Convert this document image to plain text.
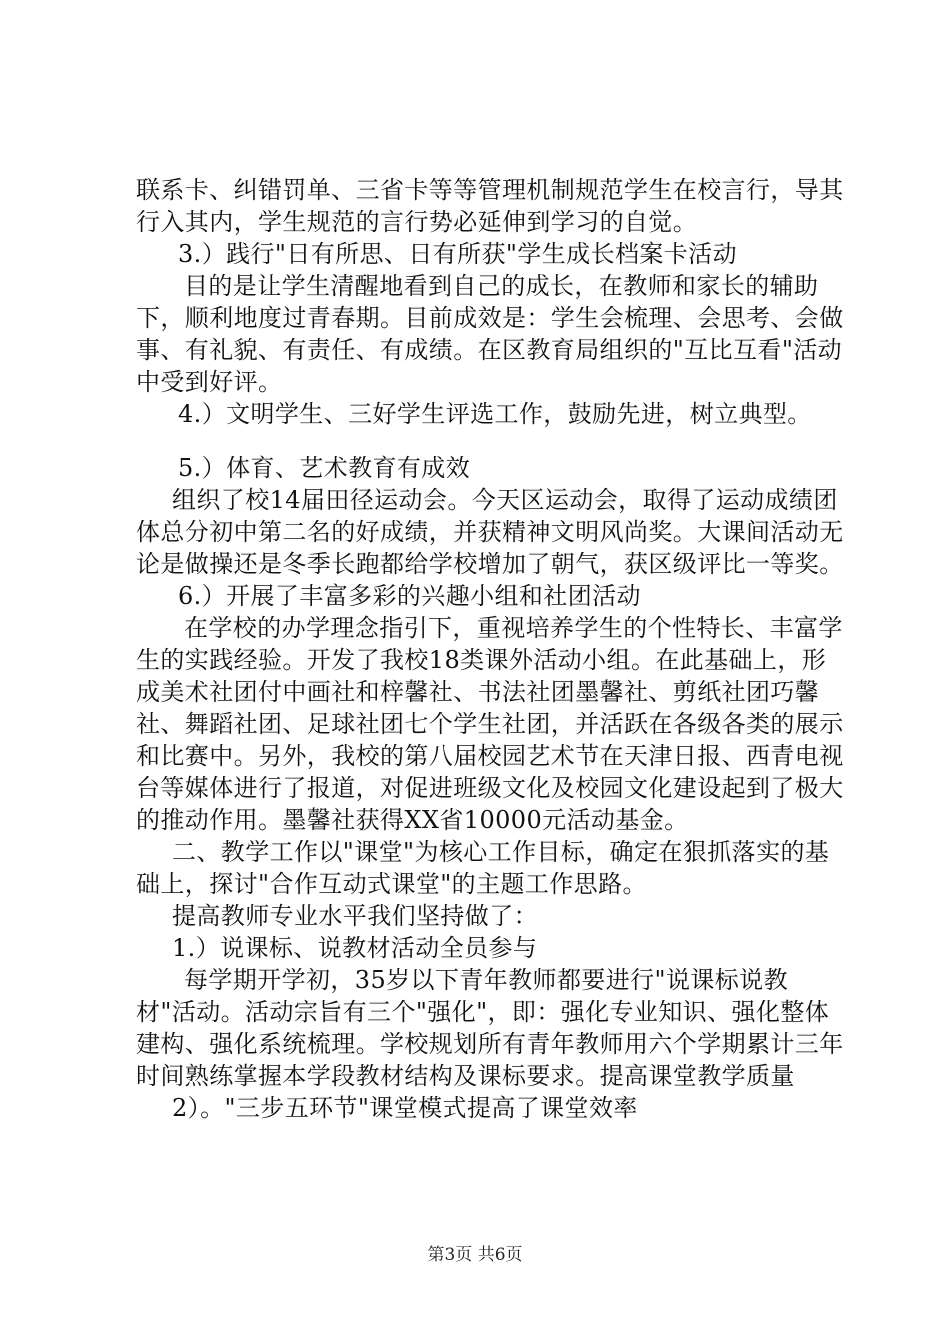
联系卡、纠错罚单、三省卡等等管理机制规范学生在校言行，导其行入其内，学生规范的言行势必延伸到学习的自觉。

3.）践行"日有所思、日有所获"学生成长档案卡活动

目的是让学生清醒地看到自己的成长，在教师和家长的辅助下，顺利地度过青春期。目前成效是：学生会梳理、会思考、会做事、有礼貌、有责任、有成绩。在区教育局组织的"互比互看"活动中受到好评。

4.）文明学生、三好学生评选工作，鼓励先进，树立典型。

5.）体育、艺术教育有成效

组织了校14届田径运动会。今天区运动会，取得了运动成绩团体总分初中第二名的好成绩，并获精神文明风尚奖。大课间活动无论是做操还是冬季长跑都给学校增加了朝气，获区级评比一等奖。

6.）开展了丰富多彩的兴趣小组和社团活动

在学校的办学理念指引下，重视培养学生的个性特长、丰富学生的实践经验。开发了我校18类课外活动小组。在此基础上，形成美术社团付中画社和梓馨社、书法社团墨馨社、剪纸社团巧馨社、舞蹈社团、足球社团七个学生社团，并活跃在各级各类的展示和比赛中。另外，我校的第八届校园艺术节在天津日报、西青电视台等媒体进行了报道，对促进班级文化及校园文化建设起到了极大的推动作用。墨馨社获得XX省10000元活动基金。

二、教学工作以"课堂"为核心工作目标，确定在狠抓落实的基础上，探讨"合作互动式课堂"的主题工作思路。

提高教师专业水平我们坚持做了：

1.）说课标、说教材活动全员参与

每学期开学初，35岁以下青年教师都要进行"说课标说教材"活动。活动宗旨有三个"强化"，即：强化专业知识、强化整体建构、强化系统梳理。学校规划所有青年教师用六个学期累计三年时间熟练掌握本学段教材结构及课标要求。提高课堂教学质量

2）。"三步五环节"课堂模式提高了课堂效率

第3页 共6页
